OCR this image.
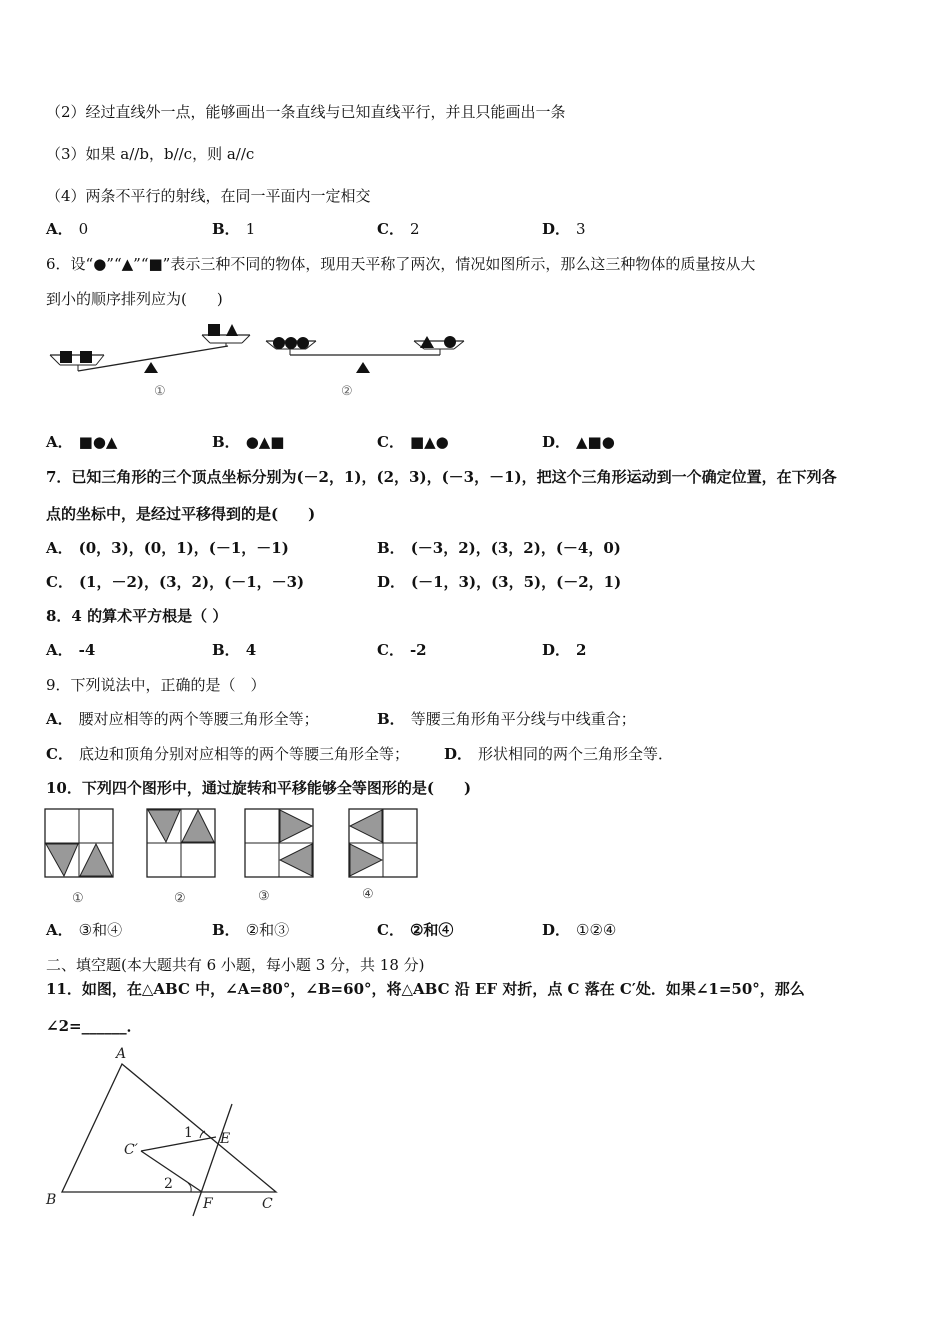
（2）经过直线外一点，能够画出一条直线与已知直线平行，并且只能画出一条
（3）如果 a//b，b//c，则 a//c
（4）两条不平行的射线，在同一平面内一定相交
A． 0	B． 1	C． 2	D． 3
6．设“●”“▲”“■”表示三种不同的物体，现用天平称了两次，情况如图所示，那么这三种物体的质量按从大
到小的顺序排列应为(　　)
①	②
A． ■●▲	B． ●▲■	C． ■▲●	D． ▲■●
7．已知三角形的三个顶点坐标分别为(－2，1)，(2，3)，(－3，－1)，把这个三角形运动到一个确定位置，在下列各
点的坐标中，是经过平移得到的是(　　)
A． (0，3)，(0，1)，(－1，－1)	B． (－3，2)，(3，2)，(－4，0)
C． (1，－2)，(3，2)，(－1，－3)	D． (－1，3)，(3，5)，(－2，1)
8．4 的算术平方根是（ ）
A． -4	B． 4	C． -2	D． 2
9．下列说法中，正确的是（　）
A． 腰对应相等的两个等腰三角形全等；	B． 等腰三角形角平分线与中线重合；
C． 底边和顶角分别对应相等的两个等腰三角形全等； D． 形状相同的两个三角形全等．
10．下列四个图形中，通过旋转和平移能够全等图形的是(　　)
①	②	③	④
A． ③和④	B． ②和③	C． ②和④	D． ①②④
二、填空题(本大题共有 6 小题，每小题 3 分，共 18 分)
11．如图，在△ABC 中，∠A=80°，∠B=60°，将△ABC 沿 EF 对折，点 C 落在 C′处．如果∠1=50°，那么
∠2=______．
A
B	C
C′
E
F
1
2
